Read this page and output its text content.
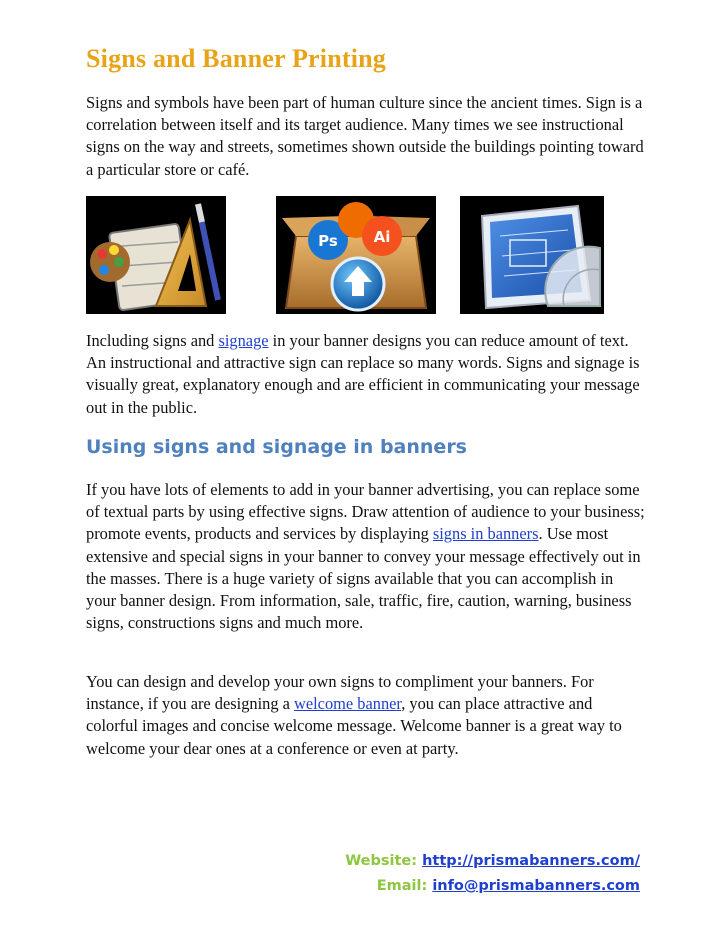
Signs and Banner Printing

Signs and symbols have been part of human culture since the ancient times. Sign is a correlation between itself and its target audience. Many times we see instructional signs on the way and streets, sometimes shown outside the buildings pointing toward a particular store or café.

Ps Ai

Including signs and signage in your banner designs you can reduce amount of text. An instructional and attractive sign can replace so many words. Signs and signage is visually great, explanatory enough and are efficient in communicating your message out in the public.

Using signs and signage in banners

If you have lots of elements to add in your banner advertising, you can replace some of textual parts by using effective signs. Draw attention of audience to your business; promote events, products and services by displaying signs in banners. Use most extensive and special signs in your banner to convey your message effectively out in the masses. There is a huge variety of signs available that you can accomplish in your banner design. From information, sale, traffic, fire, caution, warning, business signs, constructions signs and much more.

You can design and develop your own signs to compliment your banners. For instance, if you are designing a welcome banner, you can place attractive and colorful images and concise welcome message. Welcome banner is a great way to welcome your dear ones at a conference or even at party.

Website: http://prismabanners.com/
Email: info@prismabanners.com
